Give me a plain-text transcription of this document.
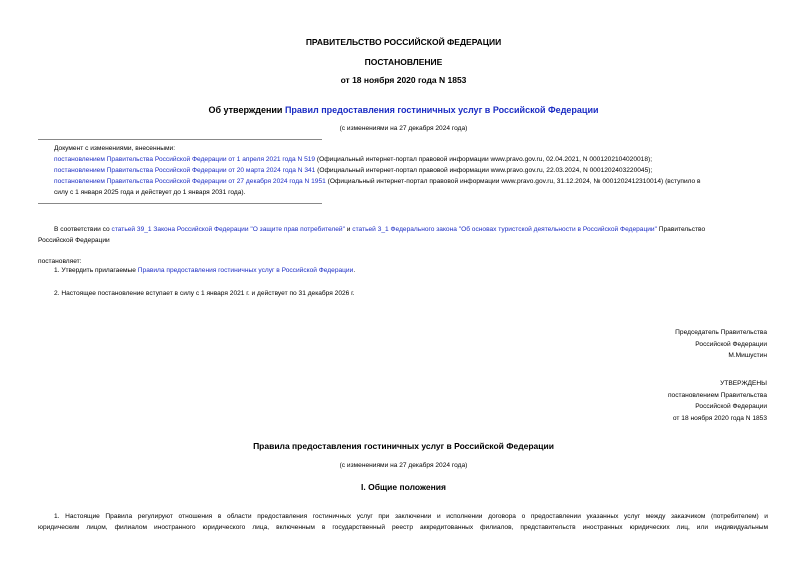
ПРАВИТЕЛЬСТВО РОССИЙСКОЙ ФЕДЕРАЦИИ
ПОСТАНОВЛЕНИЕ
от 18 ноября 2020 года N 1853
Об утверждении Правил предоставления гостиничных услуг в Российской Федерации
(с изменениями на 27 декабря 2024 года)
Документ с изменениями, внесенными:
постановлением Правительства Российской Федерации от 1 апреля 2021 года N 519 (Официальный интернет-портал правовой информации www.pravo.gov.ru, 02.04.2021, N 0001202104020018);
постановлением Правительства Российской Федерации от 20 марта 2024 года N 341 (Официальный интернет-портал правовой информации www.pravo.gov.ru, 22.03.2024, N 0001202403220045);
постановлением Правительства Российской Федерации от 27 декабря 2024 года N 1951 (Официальный интернет-портал правовой информации www.pravo.gov.ru, 31.12.2024, № 0001202412310014) (вступило в
силу с 1 января 2025 года и действует до 1 января 2031 года).
В соответствии со статьей 39_1 Закона Российской Федерации "О защите прав потребителей" и статьей 3_1 Федерального закона "Об основах туристской деятельности в Российской Федерации" Правительство
Российской Федерации
постановляет:
1. Утвердить прилагаемые Правила предоставления гостиничных услуг в Российской Федерации.
2. Настоящее постановление вступает в силу с 1 января 2021 г. и действует по 31 декабря 2026 г.
Председатель Правительства
Российской Федерации
М.Мишустин
УТВЕРЖДЕНЫ
постановлением Правительства
Российской Федерации
от 18 ноября 2020 года N 1853
Правила предоставления гостиничных услуг в Российской Федерации
(с изменениями на 27 декабря 2024 года)
I. Общие положения
1. Настоящие Правила регулируют отношения в области предоставления гостиничных услуг при заключении и исполнении договора о предоставлении указанных услуг между заказчиком (потребителем) и
юридическим лицом, филиалом иностранного юридического лица, включенным в государственный реестр аккредитованных филиалов, представительств иностранных юридических лиц, или индивидуальным
